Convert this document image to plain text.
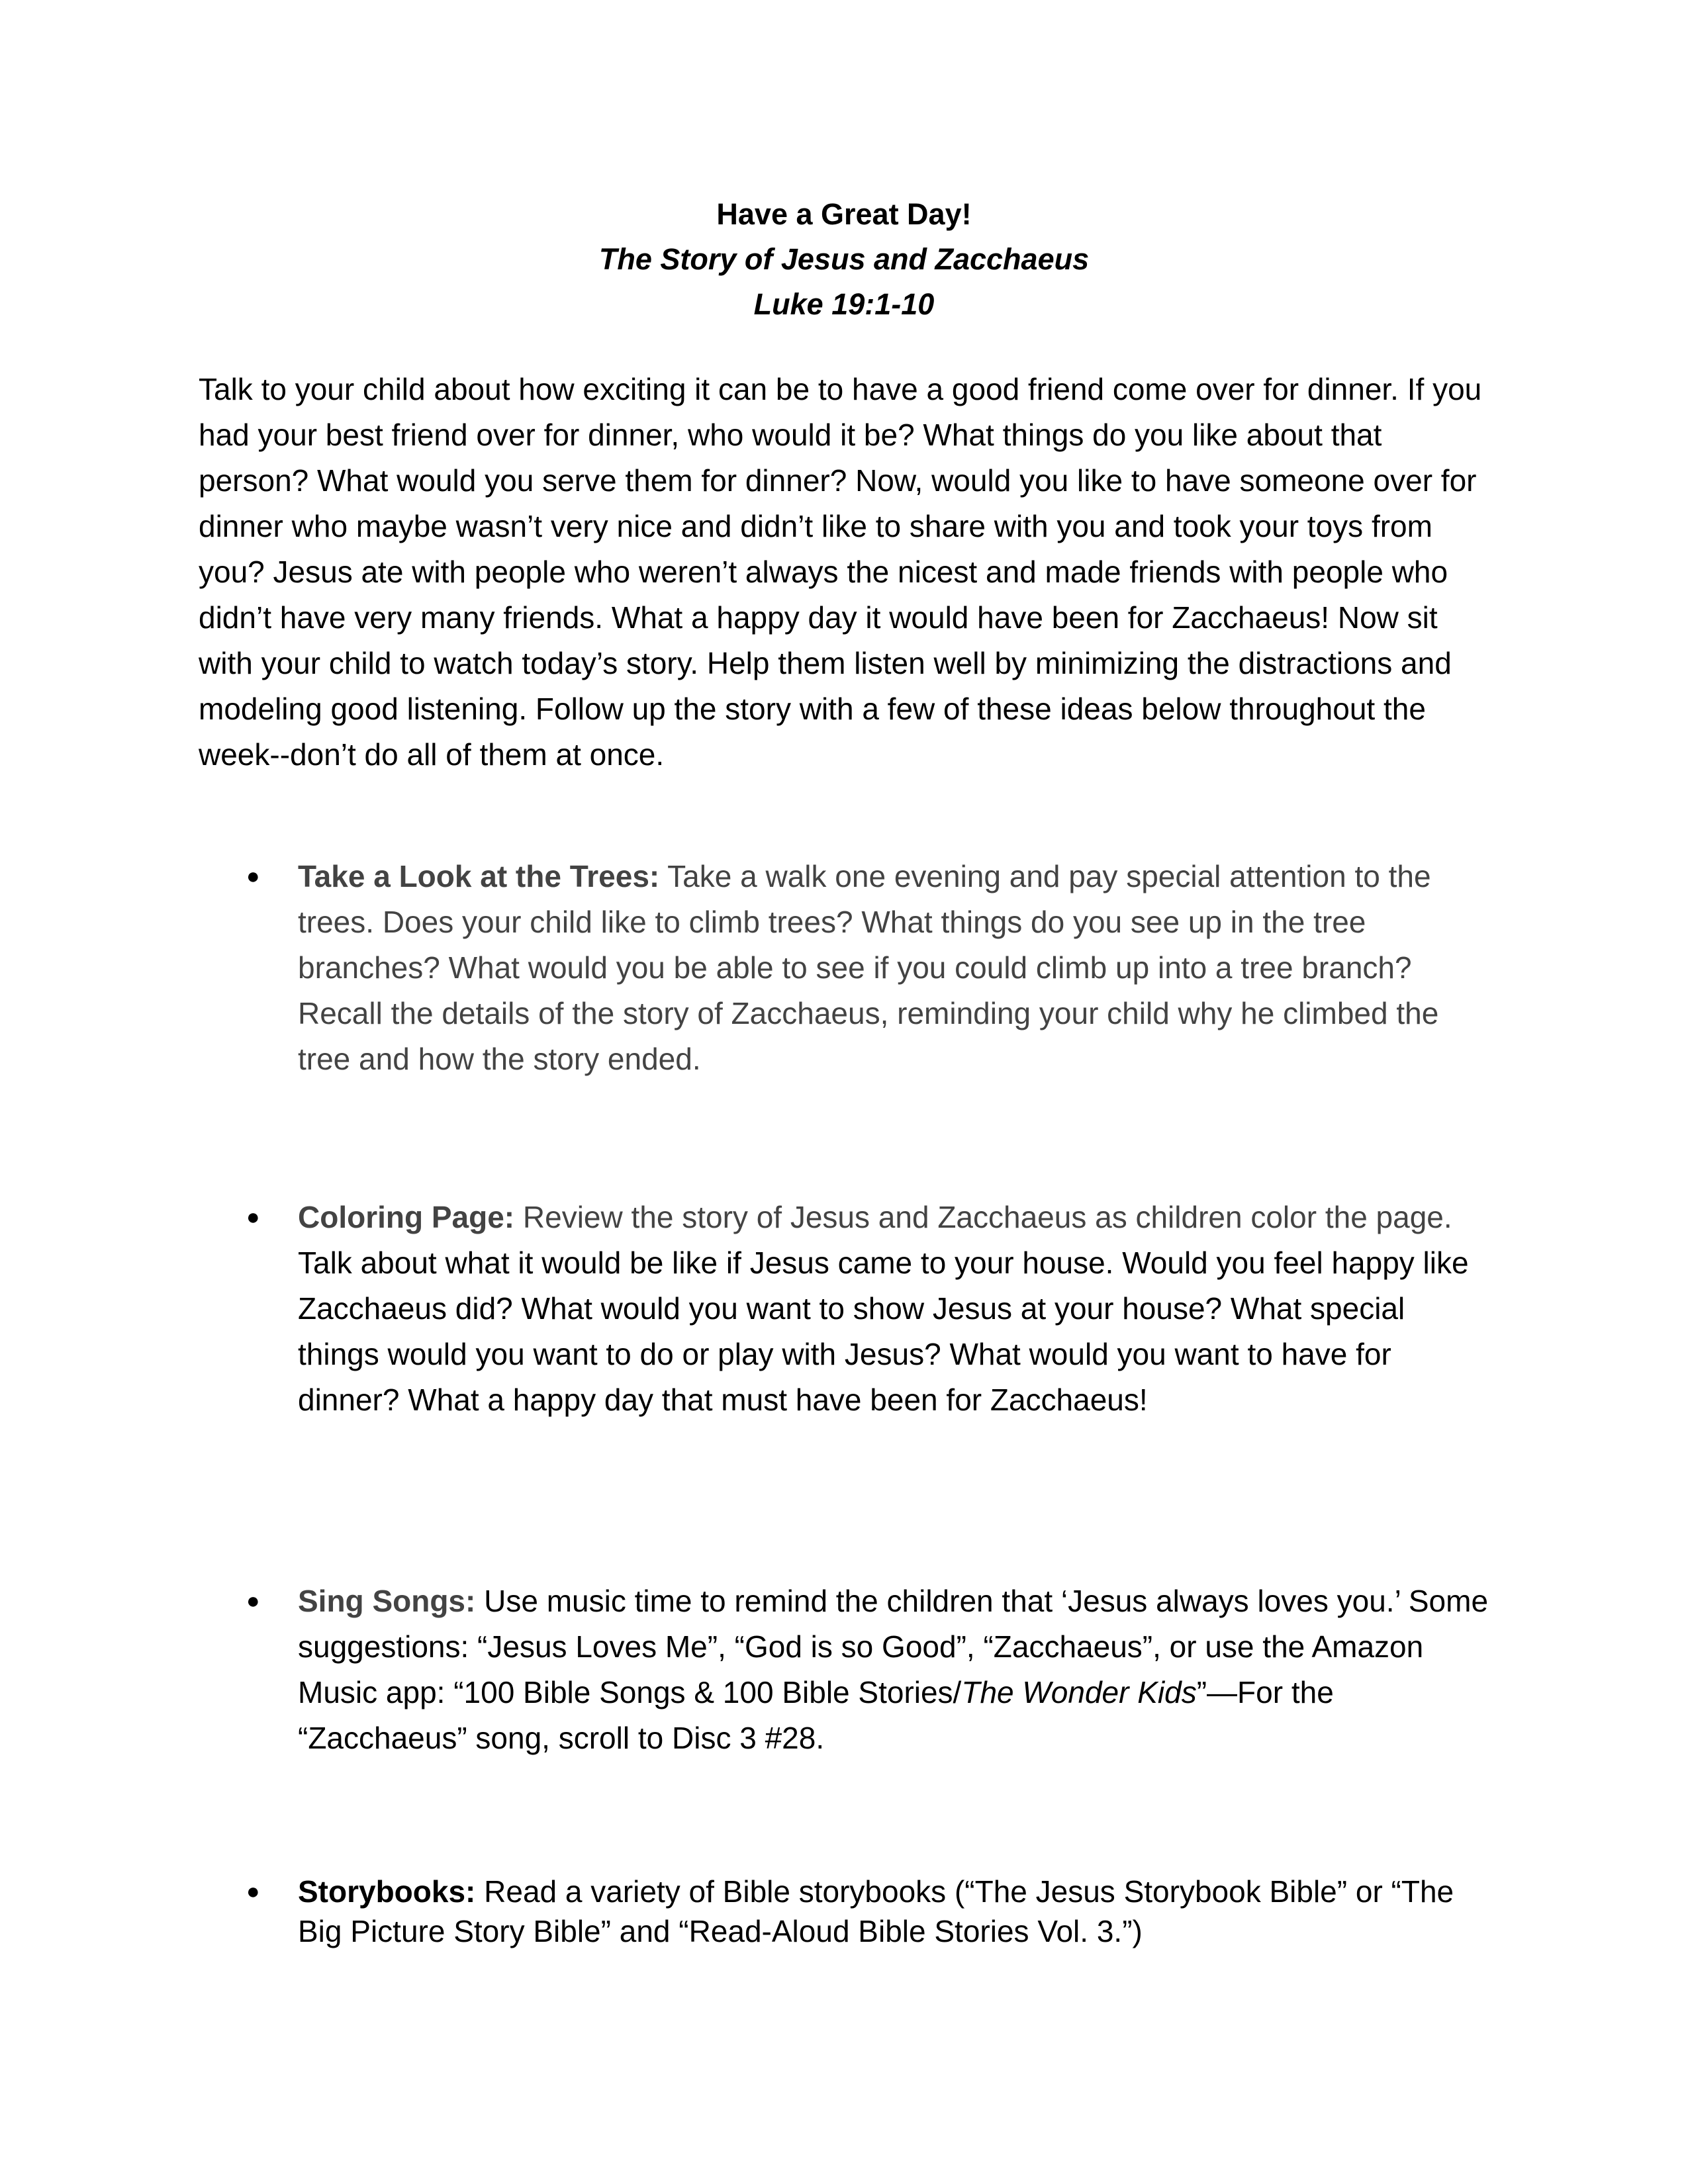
Have a Great Day!
The Story of Jesus and Zacchaeus
Luke 19:1-10

Talk to your child about how exciting it can be to have a good friend come over for dinner. If you had your best friend over for dinner, who would it be? What things do you like about that person? What would you serve them for dinner? Now, would you like to have someone over for dinner who maybe wasn’t very nice and didn’t like to share with you and took your toys from you? Jesus ate with people who weren’t always the nicest and made friends with people who didn’t have very many friends. What a happy day it would have been for Zacchaeus! Now sit with your child to watch today’s story. Help them listen well by minimizing the distractions and modeling good listening. Follow up the story with a few of these ideas below throughout the week--don’t do all of them at once.

● Take a Look at the Trees: Take a walk one evening and pay special attention to the trees. Does your child like to climb trees? What things do you see up in the tree branches? What would you be able to see if you could climb up into a tree branch? Recall the details of the story of Zacchaeus, reminding your child why he climbed the tree and how the story ended.
● Coloring Page: Review the story of Jesus and Zacchaeus as children color the page. Talk about what it would be like if Jesus came to your house. Would you feel happy like Zacchaeus did? What would you want to show Jesus at your house? What special things would you want to do or play with Jesus? What would you want to have for dinner? What a happy day that must have been for Zacchaeus!
● Sing Songs: Use music time to remind the children that ‘Jesus always loves you.’ Some suggestions: “Jesus Loves Me”, “God is so Good”, “Zacchaeus”, or use the Amazon Music app: “100 Bible Songs & 100 Bible Stories/The Wonder Kids”—For the “Zacchaeus” song, scroll to Disc 3 #28.
● Storybooks: Read a variety of Bible storybooks (“The Jesus Storybook Bible” or “The Big Picture Story Bible” and “Read-Aloud Bible Stories Vol. 3.”)
